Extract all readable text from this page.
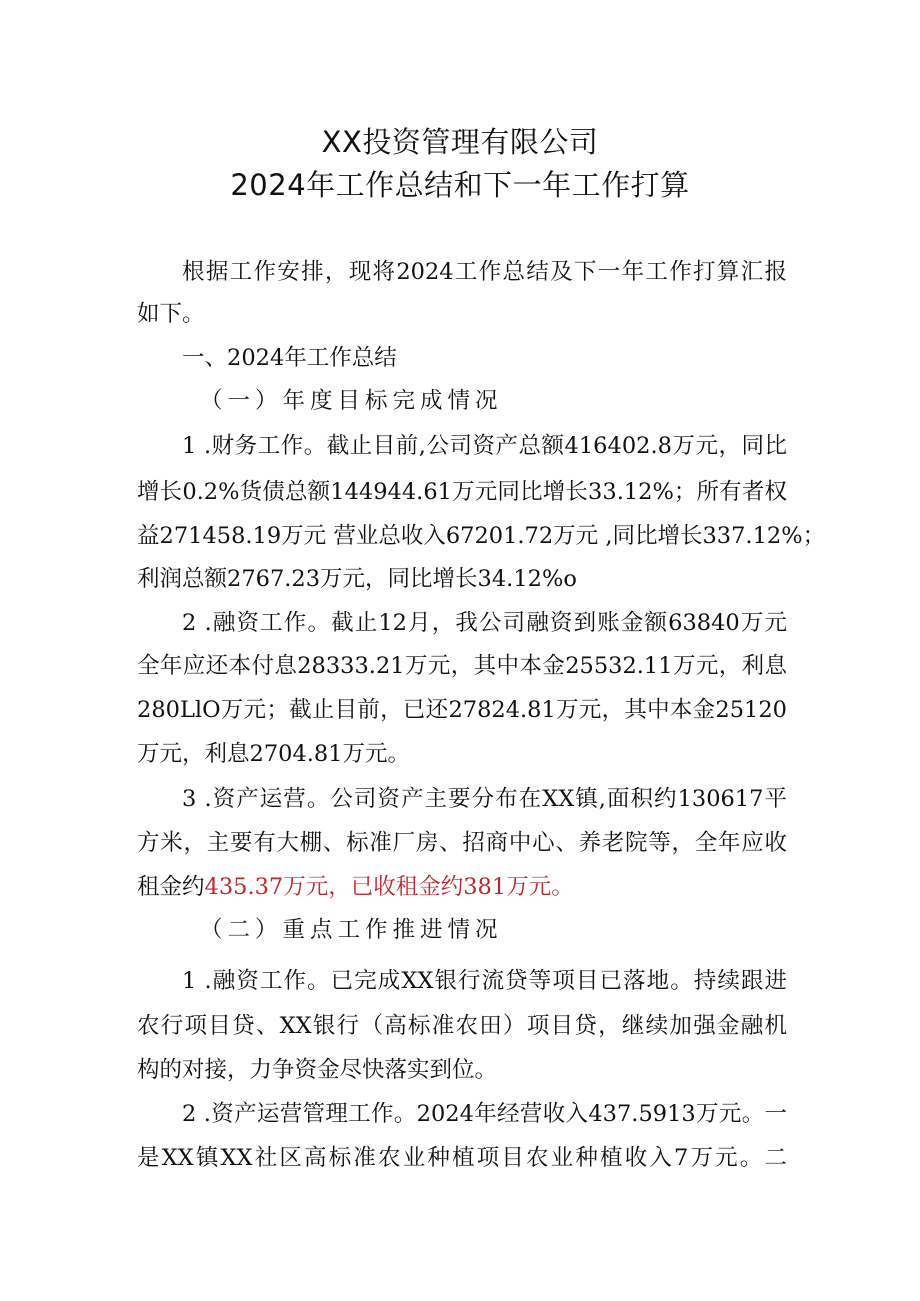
XX投资管理有限公司
2024年工作总结和下一年工作打算
根据工作安排，现将2024工作总结及下一年工作打算汇报
如下。
一、2024年工作总结
（一）年度目标完成情况
1 .财务工作。截止目前,公司资产总额416402.8万元，同比
增长0.2%货债总额144944.61万元同比增长33.12%；所有者权
益271458.19万元 营业总收入67201.72万元 ,同比增长337.12%；
利润总额2767.23万元，同比增长34.12%o
2 .融资工作。截止12月，我公司融资到账金额63840万元
全年应还本付息28333.21万元，其中本金25532.11万元，利息
280LlO万元；截止目前，已还27824.81万元，其中本金25120
万元，利息2704.81万元。
3 .资产运营。公司资产主要分布在XX镇,面积约130617平
方米，主要有大棚、标准厂房、招商中心、养老院等，全年应收
租金约435.37万元，已收租金约381万元。
（二）重点工作推进情况
1 .融资工作。已完成XX银行流贷等项目已落地。持续跟进
农行项目贷、XX银行（高标准农田）项目贷，继续加强金融机
构的对接，力争资金尽快落实到位。
2 .资产运营管理工作。2024年经营收入437.5913万元。一
是XX镇XX社区高标准农业种植项目农业种植收入7万元。二
